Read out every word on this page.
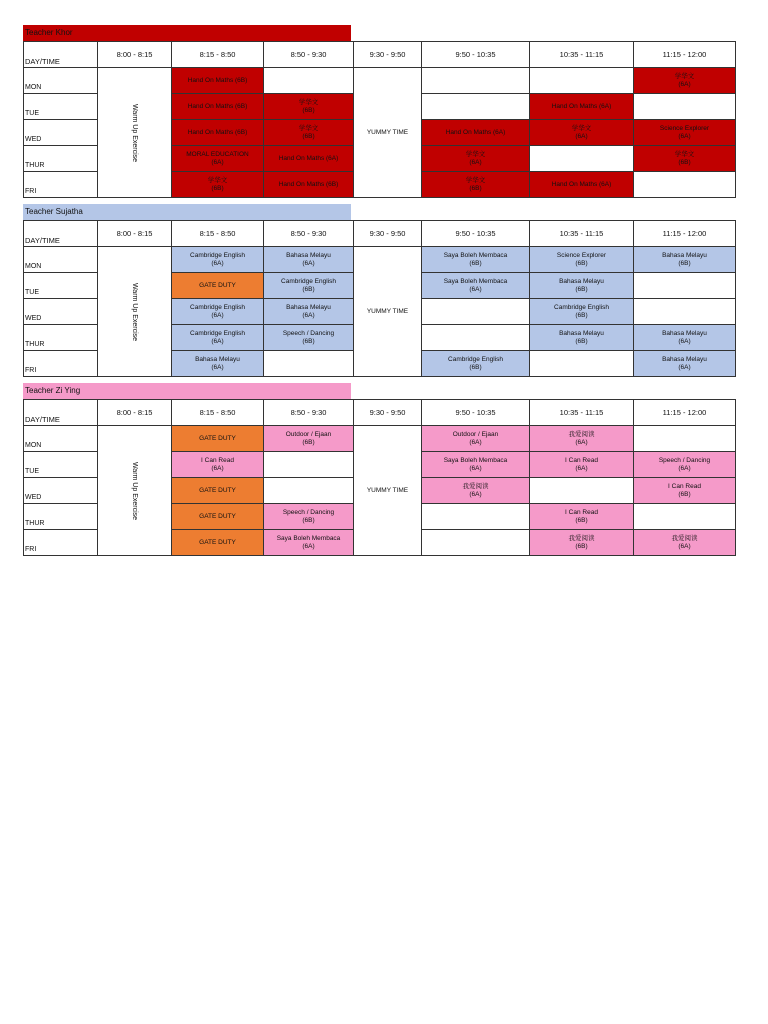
Teacher Khor
DAY/TIME	8:00 - 8:15	8:15 - 8:50	8:50 - 9:30	9:30 - 9:50	9:50 - 10:35	10:35 - 11:15	11:15 - 12:00
MON	Warm Up Exercise	Hand On Maths (6B)		YUMMY TIME			学华文
(6A)

TUE		Hand On Maths (6B)	学华文
(6B)			Hand On Maths (6A)	

WED		Hand On Maths (6B)	学华文
(6B)		Hand On Maths (6A)	学华文
(6A)	Science Explorer
(6A)

THUR		MORAL EDUCATION
(6A)	Hand On Maths (6A)		学华文
(6A)		学华文
(6B)

FRI		学华文
(6B)	Hand On Maths (6B)		学华文
(6B)	Hand On Maths (6A)	

Teacher Sujatha
DAY/TIME	8:00 - 8:15	8:15 - 8:50	8:50 - 9:30	9:30 - 9:50	9:50 - 10:35	10:35 - 11:15	11:15 - 12:00
MON	Warm Up Exercise	Cambridge English
(6A)	Bahasa Melayu
(6A)	YUMMY TIME	Saya Boleh Membaca
(6B)	Science Explorer
(6B)	Bahasa Melayu
(6B)

TUE		GATE DUTY	Cambridge English
(6B)		Saya Boleh Membaca
(6A)	Bahasa Melayu
(6B)	

WED		Cambridge English
(6A)	Bahasa Melayu
(6A)			Cambridge English
(6B)	

THUR		Cambridge English
(6A)	Speech / Dancing
(6B)			Bahasa Melayu
(6B)	Bahasa Melayu
(6A)

FRI		Bahasa Melayu
(6A)			Cambridge English
(6B)		Bahasa Melayu
(6A)
Teacher Zi Ying
DAY/TIME	8:00 - 8:15	8:15 - 8:50	8:50 - 9:30	9:30 - 9:50	9:50 - 10:35	10:35 - 11:15	11:15 - 12:00
MON	Warm Up Exercise	GATE DUTY	Outdoor / Ejaan
(6B)	YUMMY TIME	Outdoor / Ejaan
(6A)	我爱阅读
(6A)	

TUE		I Can Read
(6A)			Saya Boleh Membaca
(6A)	I Can Read
(6A)	Speech / Dancing
(6A)

WED		GATE DUTY			我爱阅读
(6A)		I Can Read
(6B)

THUR		GATE DUTY	Speech / Dancing
(6B)			I Can Read
(6B)	

FRI		GATE DUTY	Saya Boleh Membaca
(6A)			我爱阅读
(6B)	我爱阅读
(6A)
